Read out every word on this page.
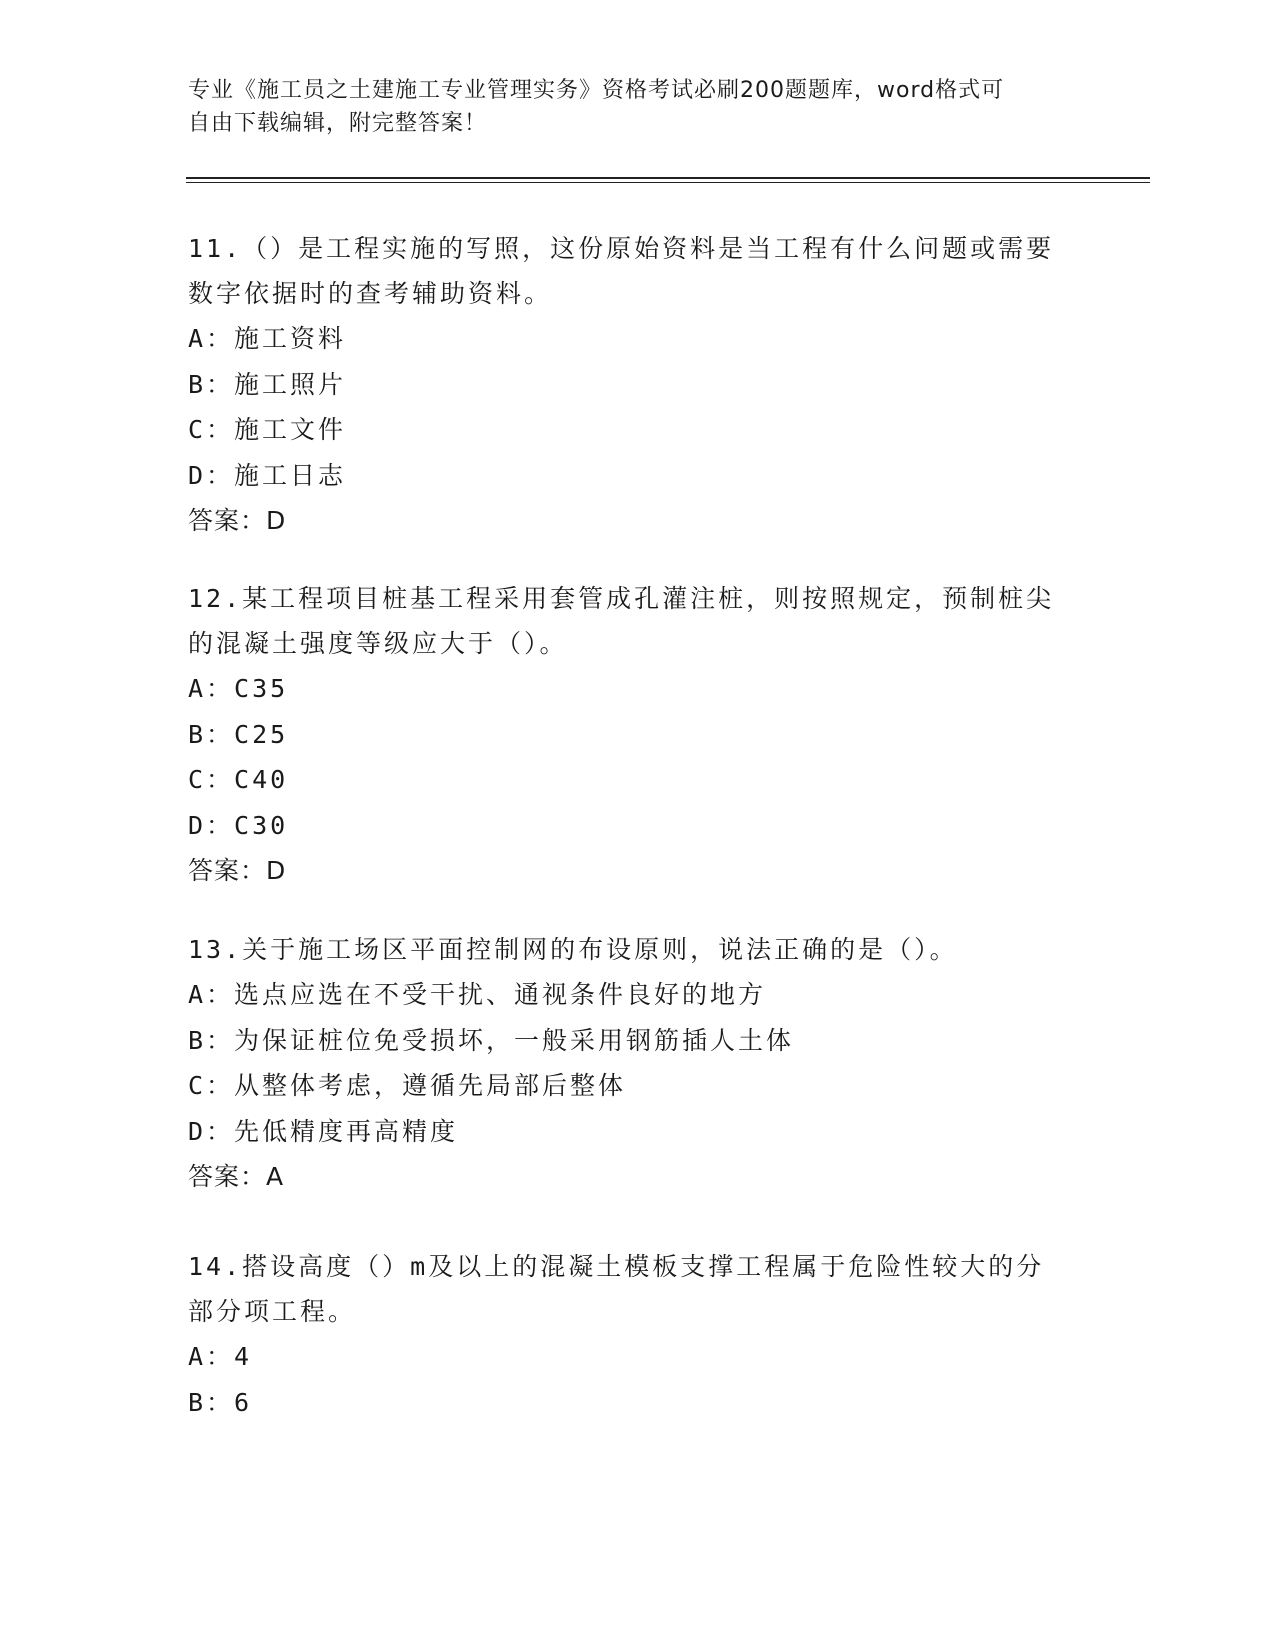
专业《施工员之土建施工专业管理实务》资格考试必刷200题题库，word格式可
自由下载编辑，附完整答案！
11.（）是工程实施的写照，这份原始资料是当工程有什么问题或需要
数字依据时的查考辅助资料。
A：施工资料
B：施工照片
C：施工文件
D：施工日志
答案：D
12.某工程项目桩基工程采用套管成孔灌注桩，则按照规定，预制桩尖
的混凝土强度等级应大于（）。
A：C35
B：C25
C：C40
D：C30
答案：D
13.关于施工场区平面控制网的布设原则，说法正确的是（）。
A：选点应选在不受干扰、通视条件良好的地方
B：为保证桩位免受损坏，一般采用钢筋插人土体
C：从整体考虑，遵循先局部后整体
D：先低精度再高精度
答案：A
14.搭设高度（）m及以上的混凝土模板支撑工程属于危险性较大的分
部分项工程。
A：4
B：6
